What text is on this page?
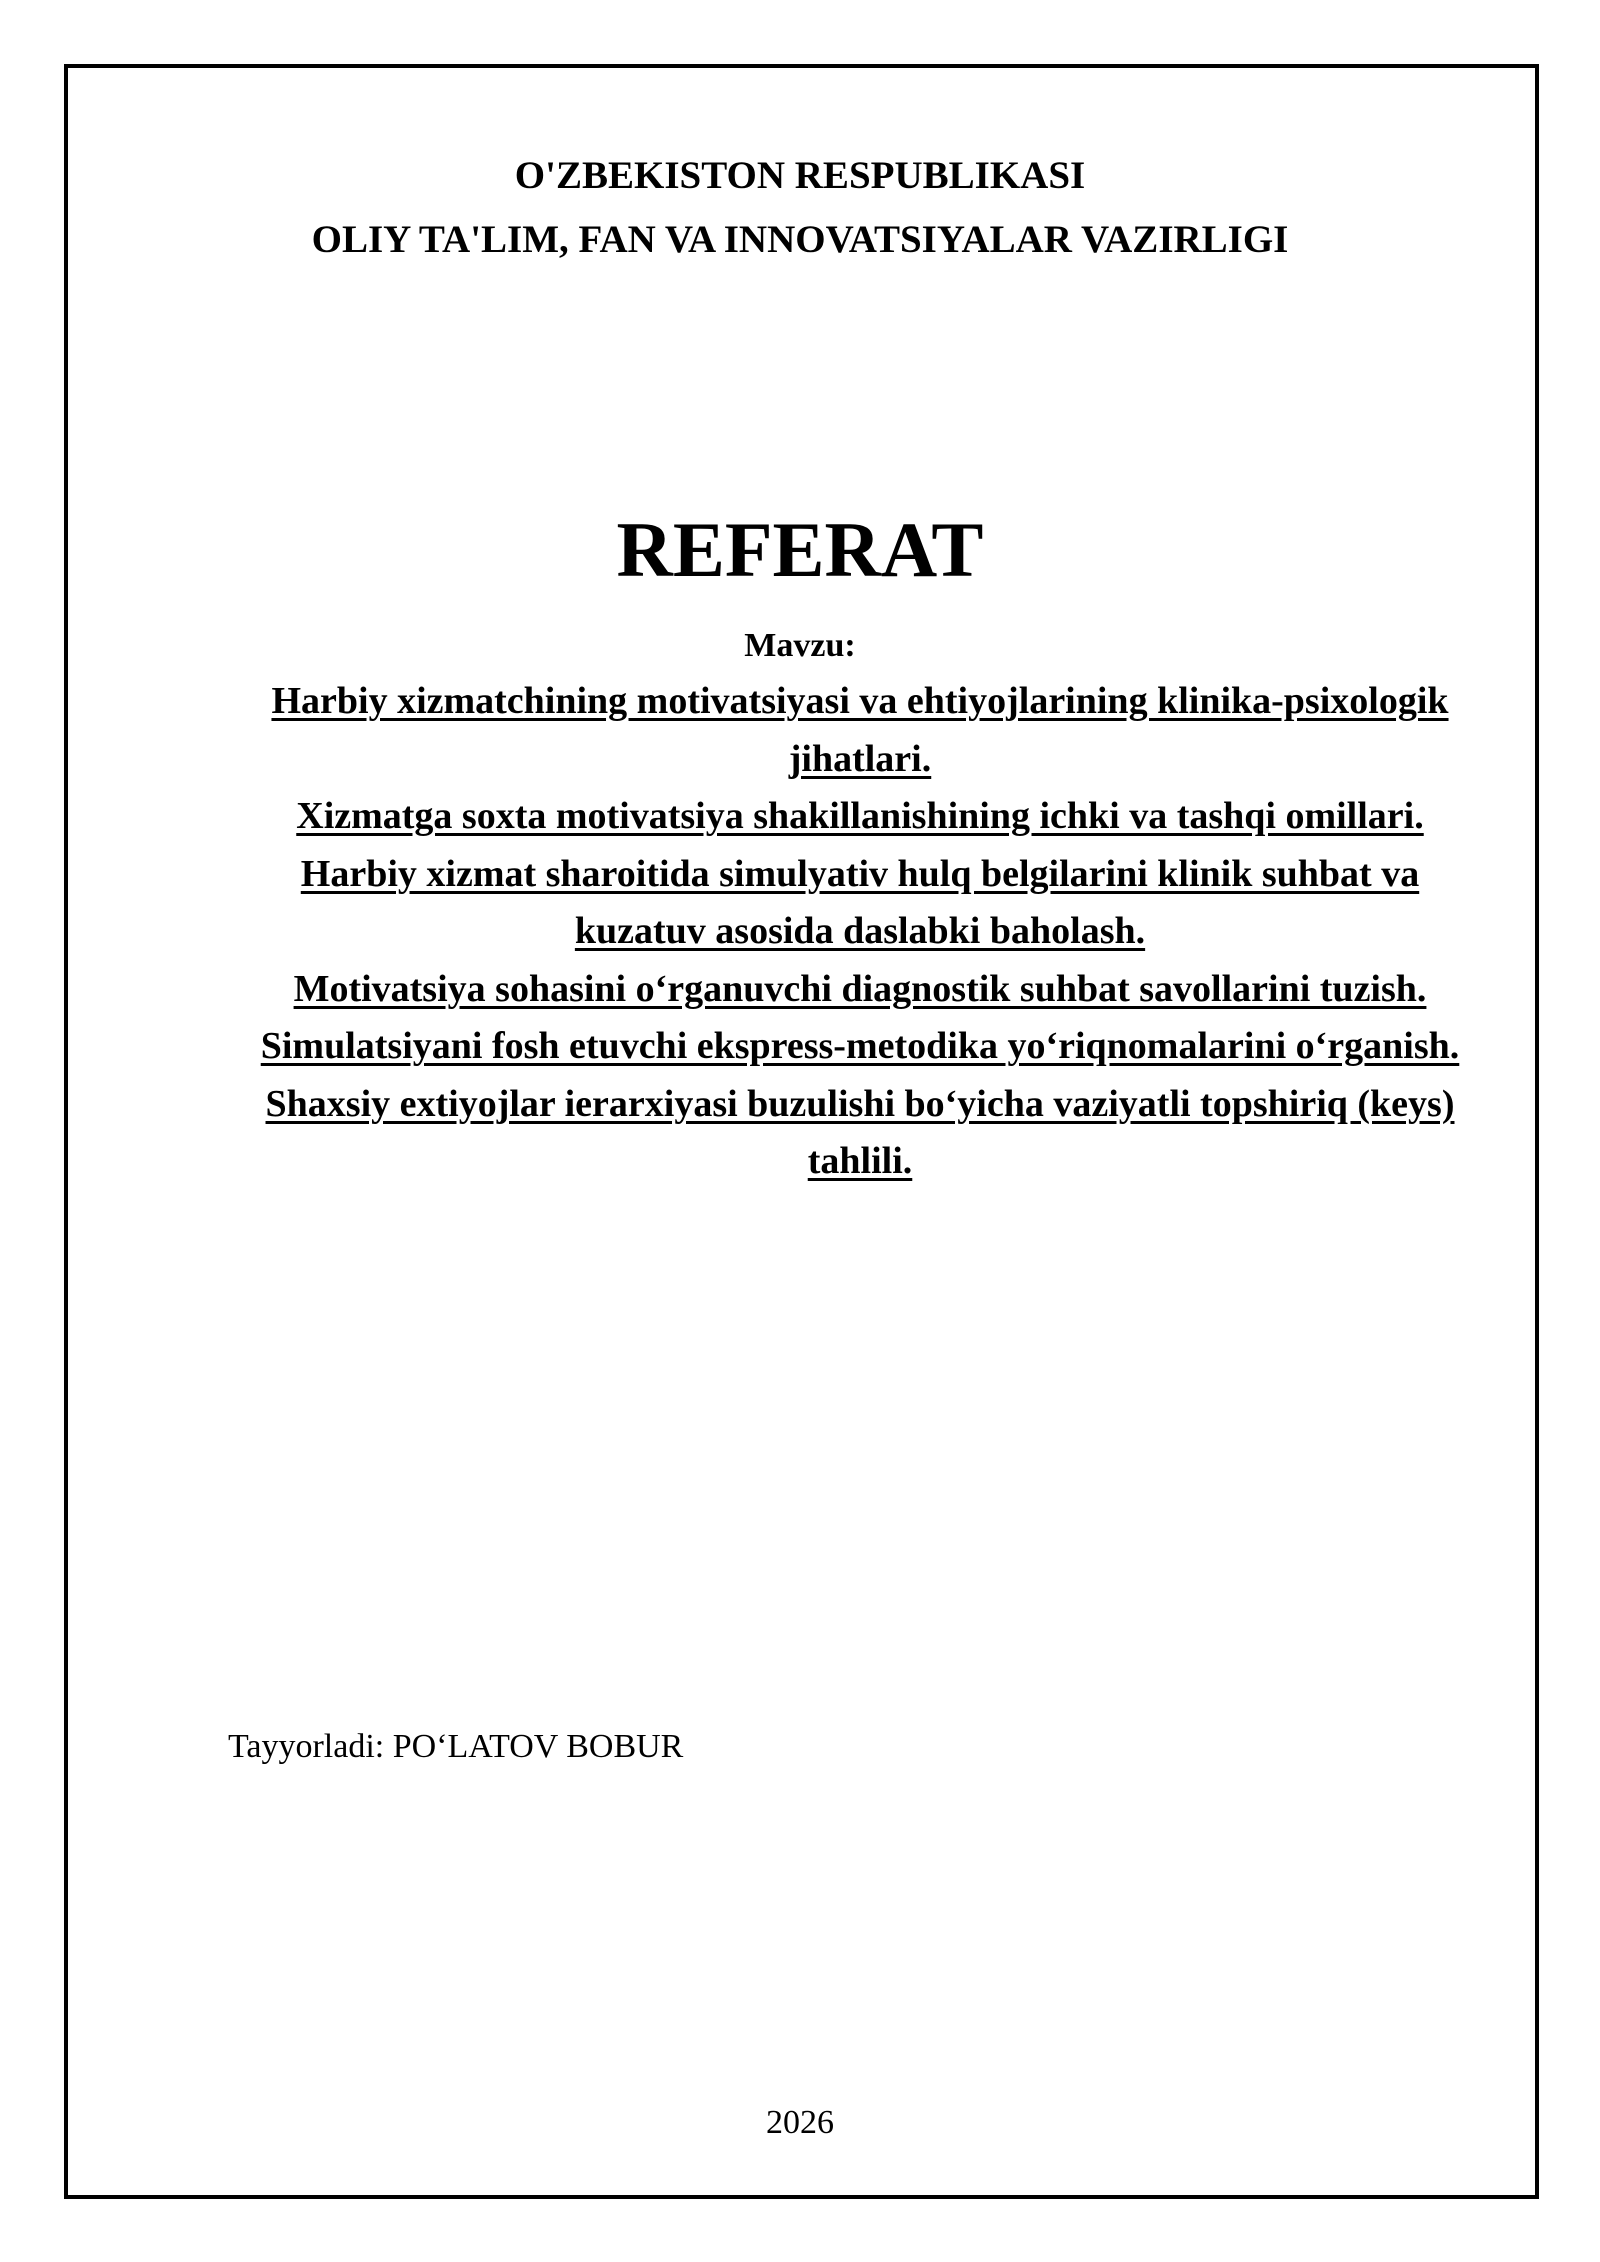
O'ZBEKISTON RESPUBLIKASI
OLIY TA'LIM, FAN VA INNOVATSIYALAR VAZIRLIGI
REFERAT
Mavzu:
Harbiy xizmatchining motivatsiyasi va ehtiyojlarining klinika-psixologik jihatlari.
Xizmatga soxta motivatsiya shakillanishining ichki va tashqi omillari.
Harbiy xizmat sharoitida simulyativ hulq belgilarini klinik suhbat va kuzatuv asosida daslabki baholash.
Motivatsiya sohasini o‘rganuvchi diagnostik suhbat savollarini tuzish.
Simulatsiyani fosh etuvchi ekspress-metodika yo‘riqnomalarini o‘rganish.
Shaxsiy extiyojlar ierarxiyasi buzulishi bo‘yicha vaziyatli topshiriq (keys) tahlili.
Tayyorladi: PO‘LATOV BOBUR
2026
